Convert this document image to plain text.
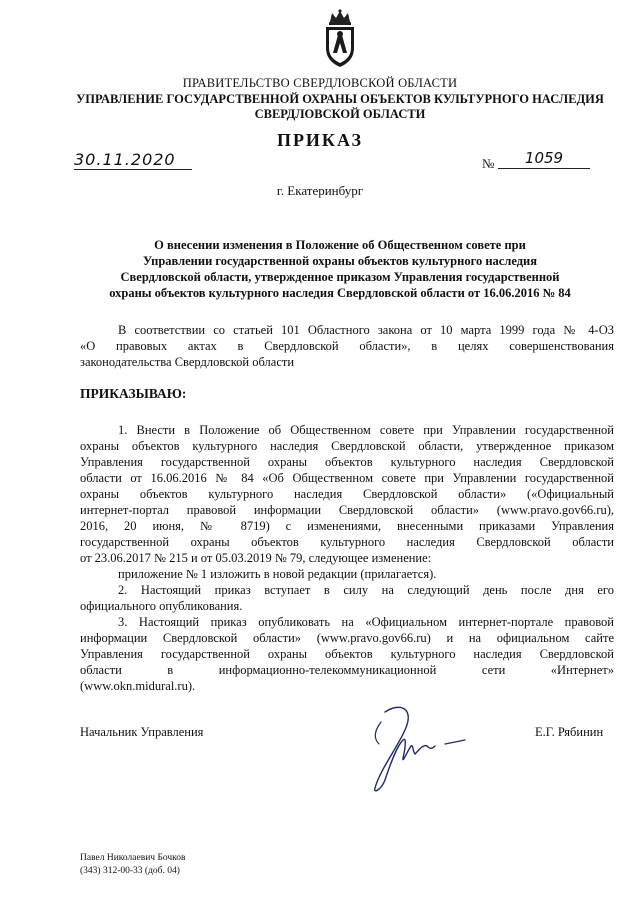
ПРАВИТЕЛЬСТВО СВЕРДЛОВСКОЙ ОБЛАСТИ
УПРАВЛЕНИЕ ГОСУДАРСТВЕННОЙ ОХРАНЫ ОБЪЕКТОВ КУЛЬТУРНОГО НАСЛЕДИЯ
СВЕРДЛОВСКОЙ ОБЛАСТИ
ПРИКАЗ
30.11.2020	№	1059
г. Екатеринбург
О внесении изменения в Положение об Общественном совете при
Управлении государственной охраны объектов культурного наследия
Свердловской области, утвержденное приказом Управления государственной
охраны объектов культурного наследия Свердловской области от 16.06.2016 № 84
В соответствии со статьей 101 Областного закона от 10 марта 1999 года № 4-ОЗ
«О правовых актах в Свердловской области», в целях совершенствования
законодательства Свердловской области
ПРИКАЗЫВАЮ:
1. Внести в Положение об Общественном совете при Управлении государственной
охраны объектов культурного наследия Свердловской области, утвержденное приказом
Управления государственной охраны объектов культурного наследия Свердловской
области от 16.06.2016 № 84 «Об Общественном совете при Управлении государственной
охраны объектов культурного наследия Свердловской области» («Официальный
интернет-портал правовой информации Свердловской области» (www.pravo.gov66.ru),
2016, 20 июня, № 8719) с изменениями, внесенными приказами Управления
государственной охраны объектов культурного наследия Свердловской области
от 23.06.2017 № 215 и от 05.03.2019 № 79, следующее изменение:
приложение № 1 изложить в новой редакции (прилагается).
2. Настоящий приказ вступает в силу на следующий день после дня его
официального опубликования.
3. Настоящий приказ опубликовать на «Официальном интернет-портале правовой
информации Свердловской области» (www.pravo.gov66.ru) и на официальном сайте
Управления государственной охраны объектов культурного наследия Свердловской
области в информационно-телекоммуникационной сети «Интернет»
(www.okn.midural.ru).
Начальник Управления	Е.Г. Рябинин
Павел Николаевич Бочков
(343) 312-00-33 (доб. 04)
